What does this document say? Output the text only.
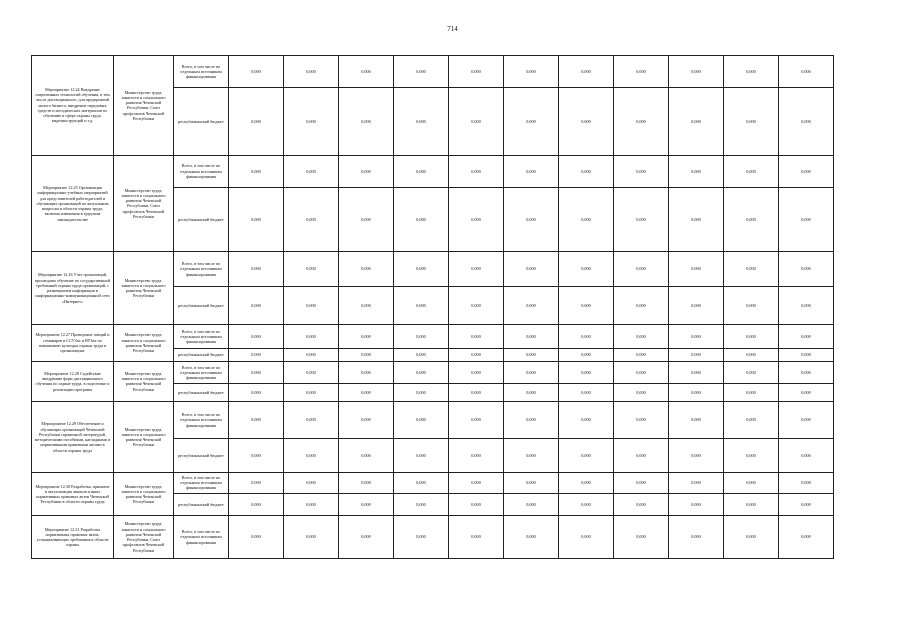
714
Мероприятие 12.24 Внедрение современных технологий обучения, в том числе дистанционного, для предприятий малого бизнеса, внедрение передовых средств и методических материалов по обучению в сфере охраны труда, видеоинструкций и т.д.	Министерство труда, занятости и социального развития Чеченской Республики, Союз профсоюзов Чеченской Республики	Всего, в том числе по отдельным источникам финансирования	0,000	0,000	0,000	0,000	0,000	0,000	0,000	0,000	0,000	0,000	0,000
		республиканский бюджет	0,000	0,000	0,000	0,000	0,000	0,000	0,000	0,000	0,000	0,000	0,000
Мероприятие 12.25 Организация информационно-учебных мероприятий для представителей работодателей и обучающих организаций по актуальным вопросам в области охраны труда, включая изменения в трудовом законодательстве	Министерство труда, занятости и социального развития Чеченской Республики, Союз профсоюзов Чеченской Республики	Всего, в том числе по отдельным источникам финансирования	0,000	0,000	0,000	0,000	0,000	0,000	0,000	0,000	0,000	0,000	0,000
		республиканский бюджет	0,000	0,000	0,000	0,000	0,000	0,000	0,000	0,000	0,000	0,000	0,000
Мероприятие 12.26 Учет организаций, прошедших обучение по государственной требований охраны труда организаций, с размещением информации в информационно-коммуникационной сети «Интернет»	Министерство труда, занятости и социального развития Чеченской Республики	Всего, в том числе по отдельным источникам финансирования	0,000	0,000	0,000	0,000	0,000	0,000	0,000	0,000	0,000	0,000	0,000
		республиканский бюджет	0,000	0,000	0,000	0,000	0,000	0,000	0,000	0,000	0,000	0,000	0,000
Мероприятие 12.27 Проведение лекций и семинаров в ССУЗах и ВУЗах по повышению культуры охраны труда в организациях	Министерство труда, занятости и социального развития Чеченской Республики	Всего, в том числе по отдельным источникам финансирования	0,000	0,000	0,000	0,000	0,000	0,000	0,000	0,000	0,000	0,000	0,000
		республиканский бюджет	0,000	0,000	0,000	0,000	0,000	0,000	0,000	0,000	0,000	0,000	0,000
Мероприятие 12.28 Содействие внедрению форм дистанционного обучения по охране труда, в подготовке и реализации программ	Министерство труда, занятости и социального развития Чеченской Республики	Всего, в том числе по отдельным источникам финансирования	0,000	0,000	0,000	0,000	0,000	0,000	0,000	0,000	0,000	0,000	0,000
		республиканский бюджет	0,000	0,000	0,000	0,000	0,000	0,000	0,000	0,000	0,000	0,000	0,000
Мероприятие 12.29 Обеспечение и обучающих организаций Чеченской Республики справочной литературой, методическими пособиями, наглядными и нормативными правовыми актами в области охраны труда	Министерство труда, занятости и социального развития Чеченской Республики	Всего, в том числе по отдельным источникам финансирования	0,000	0,000	0,000	0,000	0,000	0,000	0,000	0,000	0,000	0,000	0,000
		республиканский бюджет	0,000	0,000	0,000	0,000	0,000	0,000	0,000	0,000	0,000	0,000	0,000
Мероприятие 12.30 Разработка, принятие и актуализация законов и иных нормативных правовых актов Чеченской Республики в области охраны труда	Министерство труда, занятости и социального развития Чеченской Республики	Всего, в том числе по отдельным источникам финансирования	0,000	0,000	0,000	0,000	0,000	0,000	0,000	0,000	0,000	0,000	0,000
		республиканский бюджет	0,000	0,000	0,000	0,000	0,000	0,000	0,000	0,000	0,000	0,000	0,000
Мероприятие 12.31 Разработка нормативных правовых актов, устанавливающих требования в области охраны	Министерство труда, занятости и социального развития Чеченской Республики, Союз профсоюзов Чеченской Республики	Всего, в том числе по отдельным источникам финансирования	0,000	0,000	0,000	0,000	0,000	0,000	0,000	0,000	0,000	0,000	0,000
